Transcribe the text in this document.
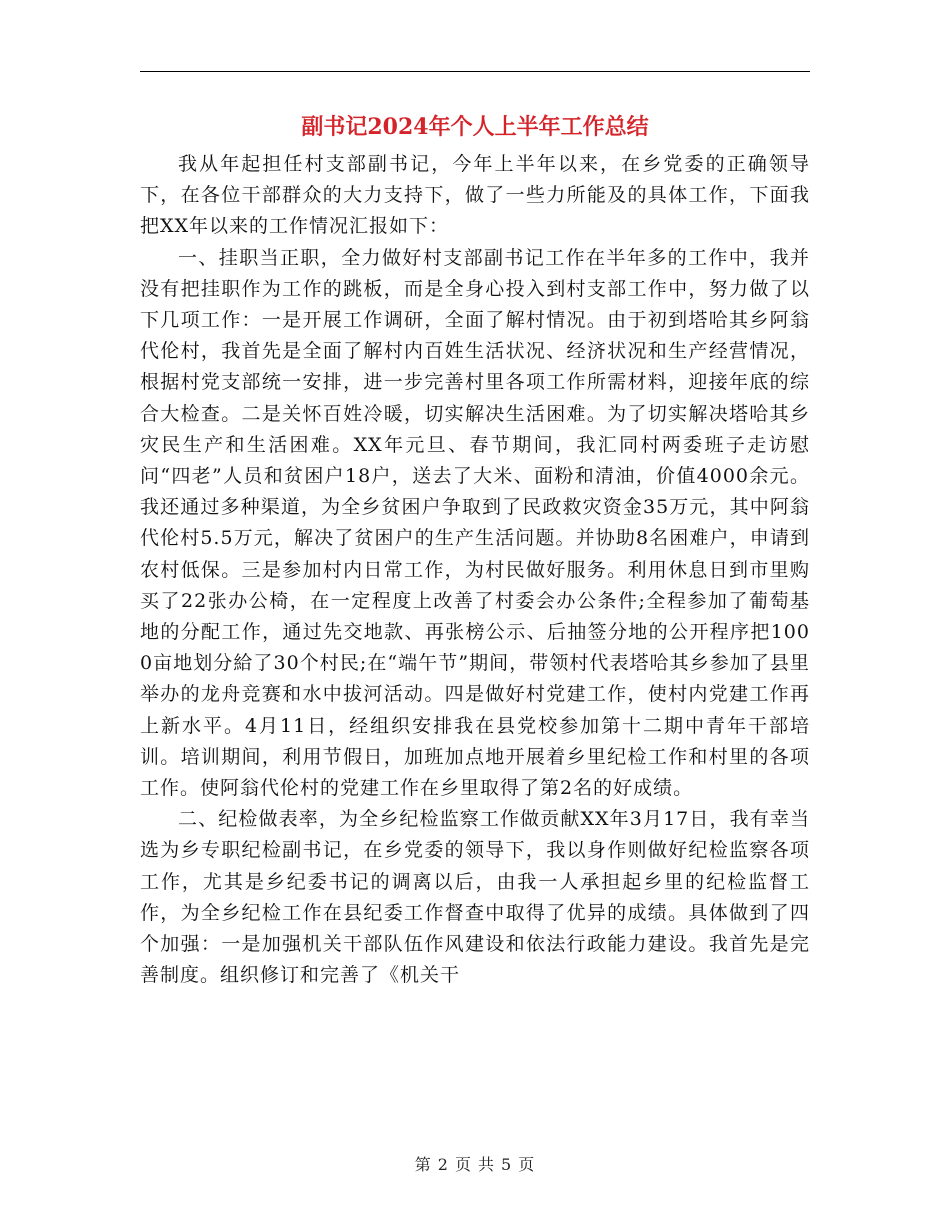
副书记2024年个人上半年工作总结

我从年起担任村支部副书记，今年上半年以来，在乡党委的正确领导下，在各位干部群众的大力支持下，做了一些力所能及的具体工作，下面我把XX年以来的工作情况汇报如下：

一、挂职当正职，全力做好村支部副书记工作在半年多的工作中，我并没有把挂职作为工作的跳板，而是全身心投入到村支部工作中，努力做了以下几项工作：一是开展工作调研，全面了解村情况。由于初到塔哈其乡阿翁代伦村，我首先是全面了解村内百姓生活状况、经济状况和生产经营情况，根据村党支部统一安排，进一步完善村里各项工作所需材料，迎接年底的综合大检查。二是关怀百姓冷暖，切实解决生活困难。为了切实解决塔哈其乡灾民生产和生活困难。XX年元旦、春节期间，我汇同村两委班子走访慰问“四老”人员和贫困户18户，送去了大米、面粉和清油，价值4000余元。我还通过多种渠道，为全乡贫困户争取到了民政救灾资金35万元，其中阿翁代伦村5.5万元，解决了贫困户的生产生活问题。并协助8名困难户，申请到农村低保。三是参加村内日常工作，为村民做好服务。利用休息日到市里购买了22张办公椅，在一定程度上改善了村委会办公条件;全程参加了葡萄基地的分配工作，通过先交地款、再张榜公示、后抽签分地的公开程序把1000亩地划分給了30个村民;在“端午节”期间，带领村代表塔哈其乡参加了县里举办的龙舟竞赛和水中拔河活动。四是做好村党建工作，使村内党建工作再上新水平。4月11日，经组织安排我在县党校参加第十二期中青年干部培训。培训期间，利用节假日，加班加点地开展着乡里纪检工作和村里的各项工作。使阿翁代伦村的党建工作在乡里取得了第2名的好成绩。

二、纪检做表率，为全乡纪检监察工作做贡献XX年3月17日，我有幸当选为乡专职纪检副书记，在乡党委的领导下，我以身作则做好纪检监察各项工作，尤其是乡纪委书记的调离以后，由我一人承担起乡里的纪检监督工作，为全乡纪检工作在县纪委工作督查中取得了优异的成绩。具体做到了四个加强：一是加强机关干部队伍作风建设和依法行政能力建设。我首先是完善制度。组织修订和完善了《机关干

第 2 页 共 5 页
